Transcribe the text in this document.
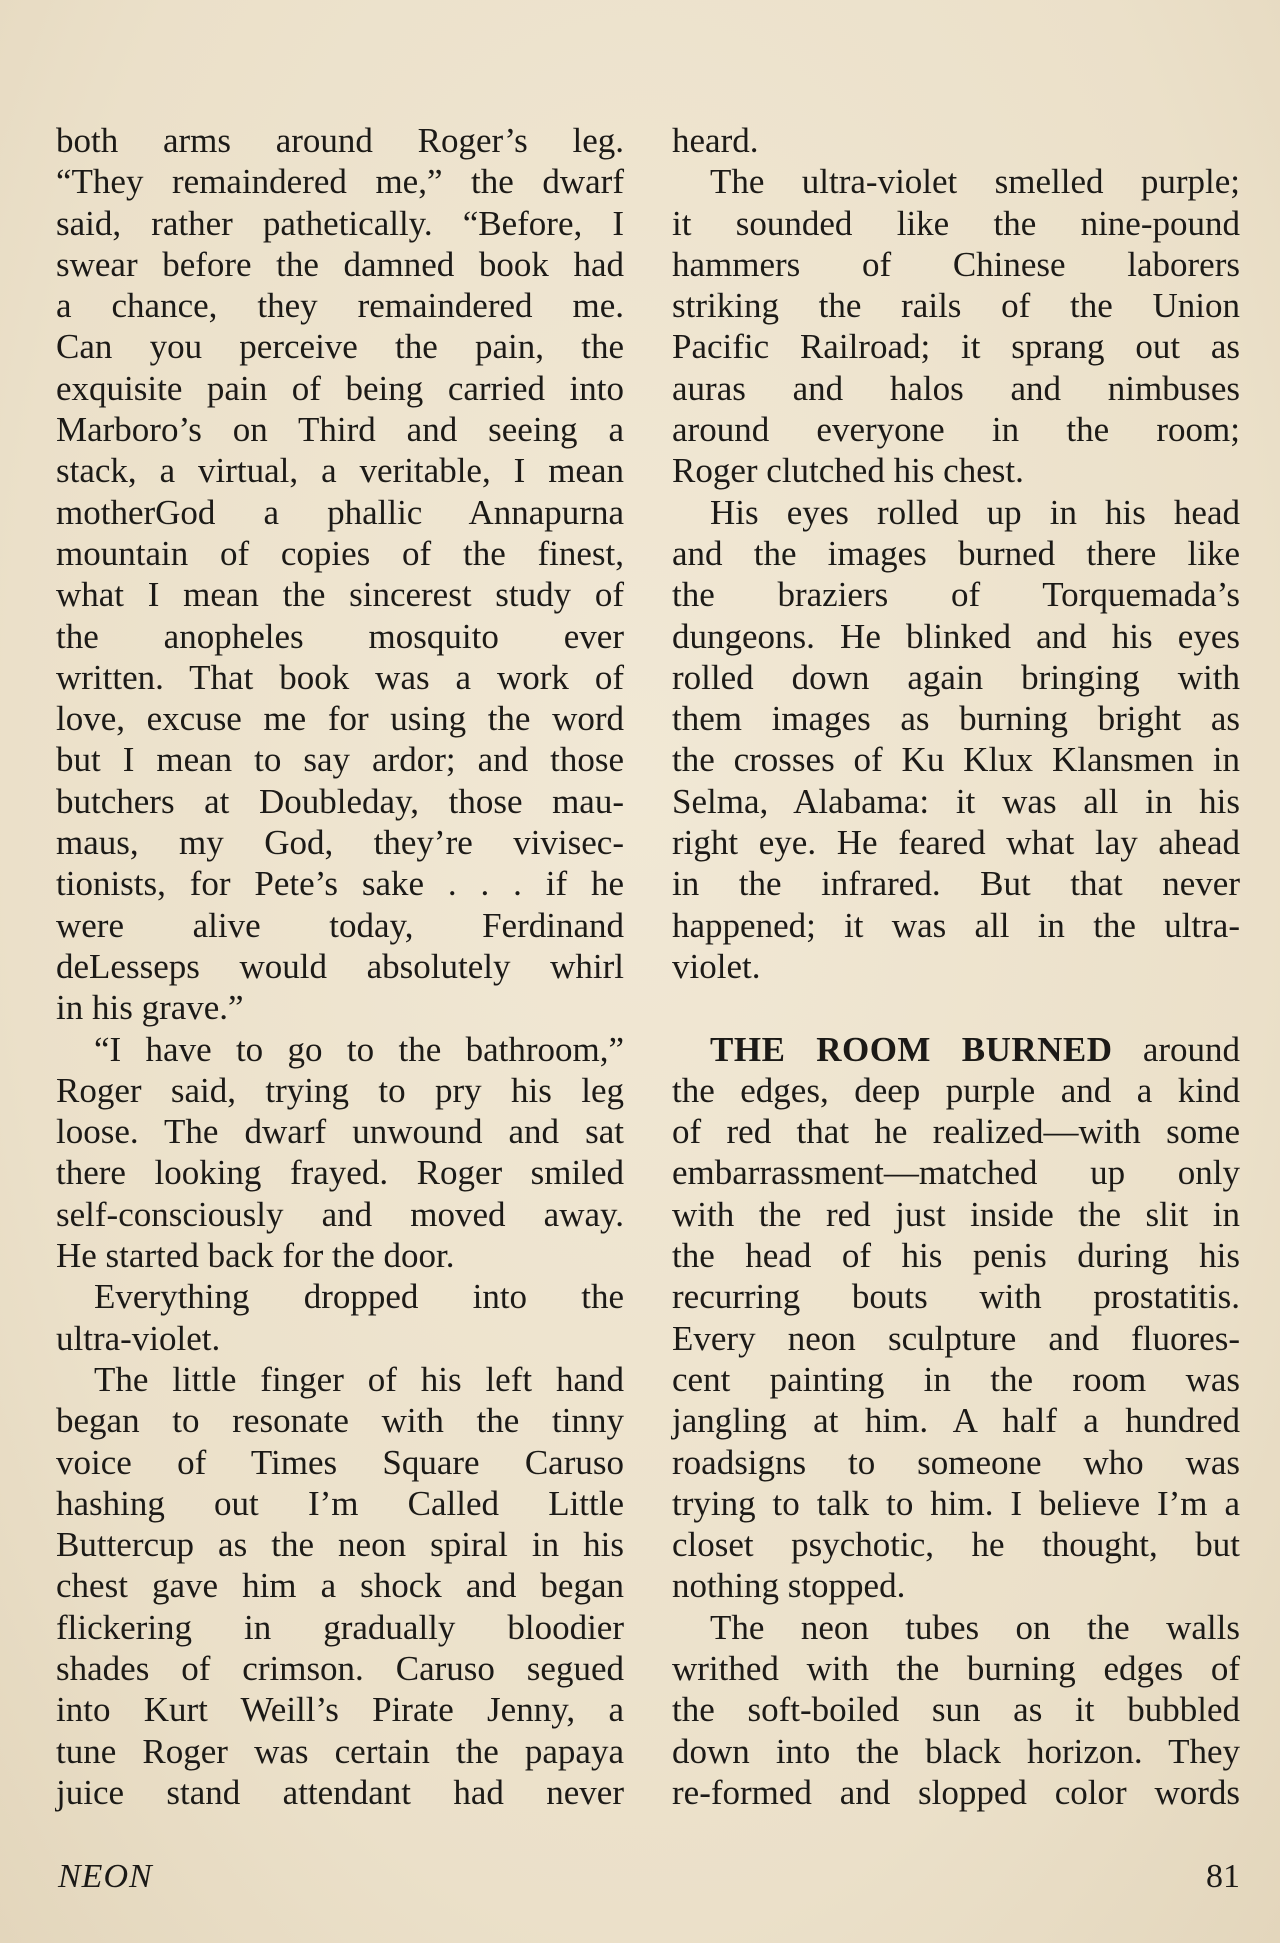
both arms around Roger’s leg.
“They remaindered me,” the dwarf
said, rather pathetically. “Before, I
swear before the damned book had
a chance, they remaindered me.
Can you perceive the pain, the
exquisite pain of being carried into
Marboro’s on Third and seeing a
stack, a virtual, a veritable, I mean
motherGod a phallic Annapurna
mountain of copies of the finest,
what I mean the sincerest study of
the anopheles mosquito ever
written. That book was a work of
love, excuse me for using the word
but I mean to say ardor; and those
butchers at Doubleday, those mau-
maus, my God, they’re vivisec-
tionists, for Pete’s sake . . . if he
were alive today, Ferdinand
deLesseps would absolutely whirl
in his grave.”
“I have to go to the bathroom,”
Roger said, trying to pry his leg
loose. The dwarf unwound and sat
there looking frayed. Roger smiled
self-consciously and moved away.
He started back for the door.
Everything dropped into the
ultra-violet.
The little finger of his left hand
began to resonate with the tinny
voice of Times Square Caruso
hashing out I’m Called Little
Buttercup as the neon spiral in his
chest gave him a shock and began
flickering in gradually bloodier
shades of crimson. Caruso segued
into Kurt Weill’s Pirate Jenny, a
tune Roger was certain the papaya
juice stand attendant had never
heard.
The ultra-violet smelled purple;
it sounded like the nine-pound
hammers of Chinese laborers
striking the rails of the Union
Pacific Railroad; it sprang out as
auras and halos and nimbuses
around everyone in the room;
Roger clutched his chest.
His eyes rolled up in his head
and the images burned there like
the braziers of Torquemada’s
dungeons. He blinked and his eyes
rolled down again bringing with
them images as burning bright as
the crosses of Ku Klux Klansmen in
Selma, Alabama: it was all in his
right eye. He feared what lay ahead
in the infrared. But that never
happened; it was all in the ultra-
violet.
THE ROOM BURNED around
the edges, deep purple and a kind
of red that he realized—with some
embarrassment—matched up only
with the red just inside the slit in
the head of his penis during his
recurring bouts with prostatitis.
Every neon sculpture and fluores-
cent painting in the room was
jangling at him. A half a hundred
roadsigns to someone who was
trying to talk to him. I believe I’m a
closet psychotic, he thought, but
nothing stopped.
The neon tubes on the walls
writhed with the burning edges of
the soft-boiled sun as it bubbled
down into the black horizon. They
re-formed and slopped color words
NEON	81
